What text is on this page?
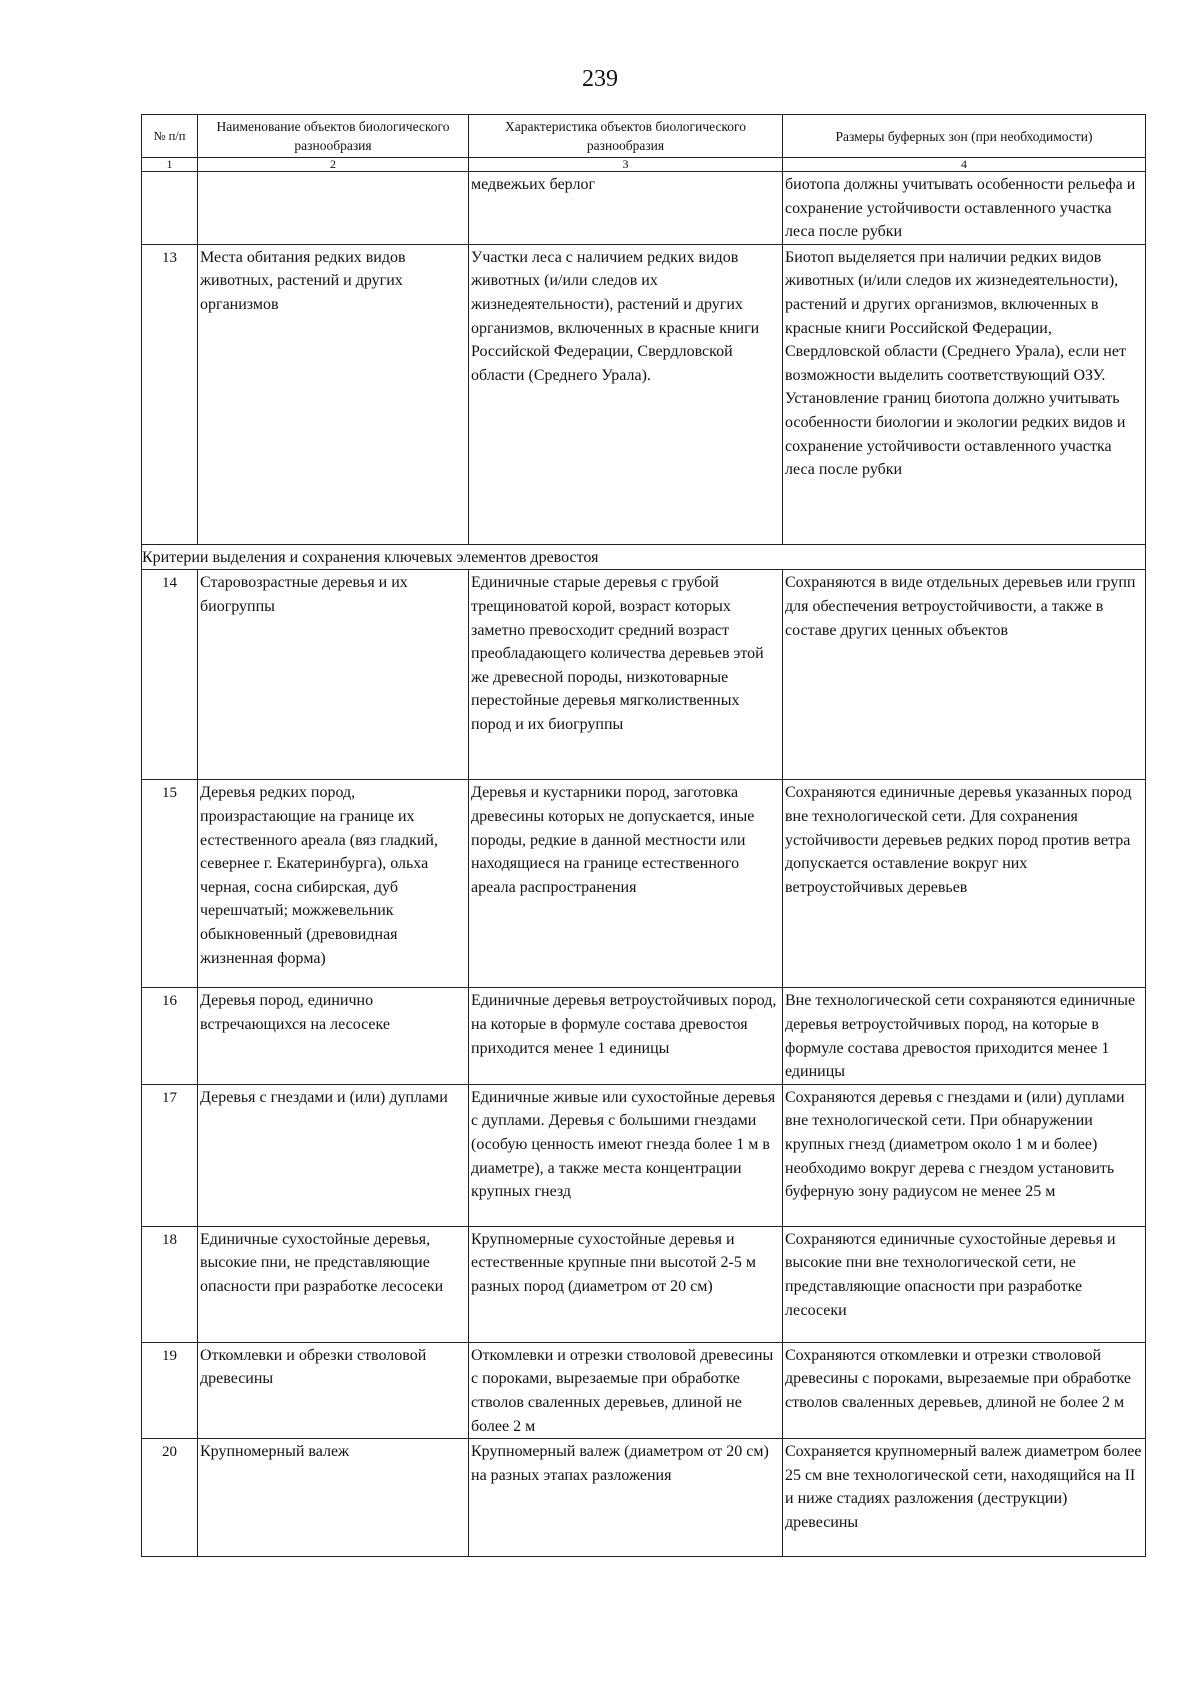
239
№ п/п	Наименование объектов биологического разнообразия	Характеристика объектов биологического разнообразия	Размеры буферных зон (при необходимости)
1	2	3	4
		медвежьих берлог	биотопа должны учитывать особенности рельефа и сохранение устойчивости оставленного участка леса после рубки
13	Места обитания редких видов животных, растений и других организмов	Участки леса с наличием редких видов животных (и/или следов их жизнедеятельности), растений и других организмов, включенных в красные книги Российской Федерации, Свердловской области (Среднего Урала).	Биотоп выделяется при наличии редких видов животных (и/или следов их жизнедеятельности), растений и других организмов, включенных в красные книги Российской Федерации, Свердловской области (Среднего Урала), если нет возможности выделить соответствующий ОЗУ. Установление границ биотопа должно учитывать особенности биологии и экологии редких видов и сохранение устойчивости оставленного участка леса после рубки
Критерии выделения и сохранения ключевых элементов древостоя			
14	Старовозрастные деревья и их биогруппы	Единичные старые деревья с грубой трещиноватой корой, возраст которых заметно превосходит средний возраст преобладающего количества деревьев этой же древесной породы, низкотоварные перестойные деревья мягколиственных пород и их биогруппы	Сохраняются в виде отдельных деревьев или групп для обеспечения ветроустойчивости, а также в составе других ценных объектов
15	Деревья редких пород, произрастающие на границе их естественного ареала (вяз гладкий, севернее г. Екатеринбурга), ольха черная, сосна сибирская, дуб черешчатый; можжевельник обыкновенный (древовидная жизненная форма)	Деревья и кустарники пород, заготовка древесины которых не допускается, иные породы, редкие в данной местности или находящиеся на границе естественного ареала распространения	Сохраняются единичные деревья указанных пород вне технологической сети. Для сохранения устойчивости деревьев редких пород против ветра допускается оставление вокруг них ветроустойчивых деревьев
16	Деревья пород, единично встречающихся на лесосеке	Единичные деревья ветроустойчивых пород, на которые в формуле состава древостоя приходится менее 1 единицы	Вне технологической сети сохраняются единичные деревья ветроустойчивых пород, на которые в формуле состава древостоя приходится менее 1 единицы
17	Деревья с гнездами и (или) дуплами	Единичные живые или сухостойные деревья с дуплами. Деревья с большими гнездами (особую ценность имеют гнезда более 1 м в диаметре), а также места концентрации крупных гнезд	Сохраняются деревья с гнездами и (или) дуплами вне технологической сети. При обнаружении крупных гнезд (диаметром около 1 м и более) необходимо вокруг дерева с гнездом установить буферную зону радиусом не менее 25 м
18	Единичные сухостойные деревья, высокие пни, не представляющие опасности при разработке лесосеки	Крупномерные сухостойные деревья и естественные крупные пни высотой 2-5 м разных пород (диаметром от 20 см)	Сохраняются единичные сухостойные деревья и высокие пни вне технологической сети, не представляющие опасности при разработке лесосеки
19	Откомлевки и обрезки стволовой древесины	Откомлевки и отрезки стволовой древесины с пороками, вырезаемые при обработке стволов сваленных деревьев, длиной не более 2 м	Сохраняются откомлевки и отрезки стволовой древесины с пороками, вырезаемые при обработке стволов сваленных деревьев, длиной не более 2 м
20	Крупномерный валеж	Крупномерный валеж (диаметром от 20 см) на разных этапах разложения	Сохраняется крупномерный валеж диаметром более 25 см вне технологической сети, находящийся на II и ниже стадиях разложения (деструкции) древесины
